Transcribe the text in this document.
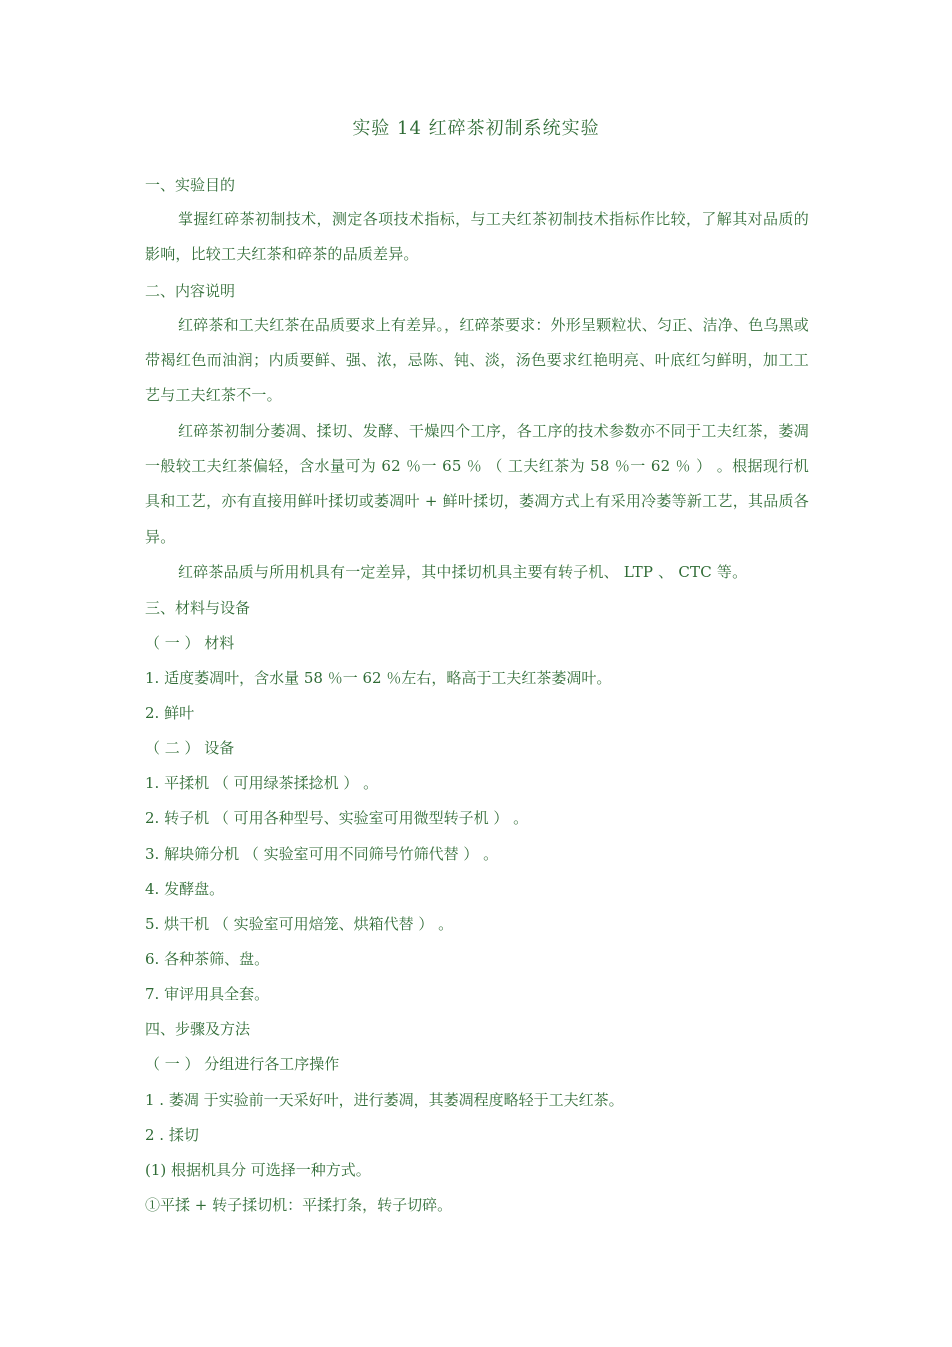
实验 14 红碎茶初制系统实验
一、实验目的
掌握红碎茶初制技术，测定各项技术指标，与工夫红茶初制技术指标作比较，了解其对品质的影响，比较工夫红茶和碎茶的品质差异。
二、内容说明
红碎茶和工夫红茶在品质要求上有差异。，红碎茶要求：外形呈颗粒状、匀正、洁净、色乌黑或带褐红色而油润；内质要鲜、强、浓，忌陈、钝、淡，汤色要求红艳明亮、叶底红匀鲜明，加工工艺与工夫红茶不一。
红碎茶初制分萎凋、揉切、发酵、干燥四个工序，各工序的技术参数亦不同于工夫红茶，萎凋一般较工夫红茶偏轻，含水量可为 62 ％一 65 ％ （ 工夫红茶为 58 ％一 62 ％ ） 。根据现行机具和工艺，亦有直接用鲜叶揉切或萎凋叶 + 鲜叶揉切，萎凋方式上有采用冷萎等新工艺，其品质各异。
红碎茶品质与所用机具有一定差异，其中揉切机具主要有转子机、 LTP 、 CTC 等。
三、材料与设备
（ 一 ） 材料
1. 适度萎凋叶，含水量 58 ％一 62 ％左右，略高于工夫红茶萎凋叶。
2. 鲜叶
（ 二 ） 设备
1. 平揉机 （ 可用绿茶揉捻机 ） 。
2. 转子机 （ 可用各种型号、实验室可用微型转子机 ） 。
3. 解块筛分机 （ 实验室可用不同筛号竹筛代替 ） 。
4. 发酵盘。
5. 烘干机 （ 实验室可用焙笼、烘箱代替 ） 。
6. 各种茶筛、盘。
7. 审评用具全套。
四、步骤及方法
（ 一 ） 分组进行各工序操作
1 . 萎凋 于实验前一天采好叶，进行萎凋，其萎凋程度略轻于工夫红茶。
2 . 揉切
(1) 根据机具分 可选择一种方式。
①平揉 + 转子揉切机：平揉打条，转子切碎。
